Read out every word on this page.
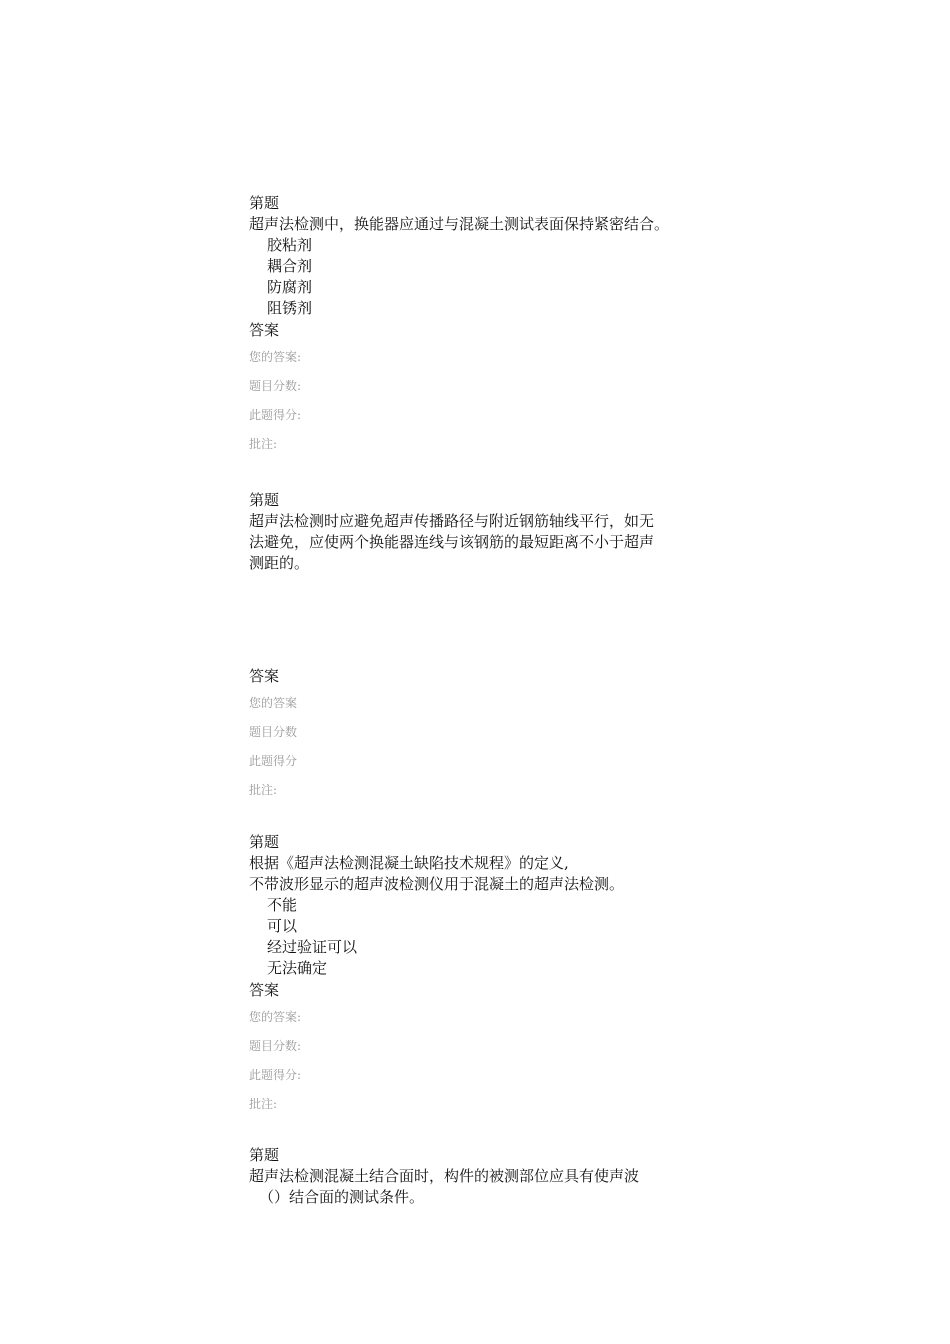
第题
超声法检测中，换能器应通过与混凝土测试表面保持紧密结合。
胶粘剂
耦合剂
防腐剂
阻锈剂
答案
您的答案:
题目分数:
此题得分:
批注:
第题
超声法检测时应避免超声传播路径与附近钢筋轴线平行，如无
法避免，应使两个换能器连线与该钢筋的最短距离不小于超声
测距的。
答案
您的答案
题目分数
此题得分
批注:
第题
根据《超声法检测混凝土缺陷技术规程》的定义,
不带波形显示的超声波检测仪用于混凝土的超声法检测。
不能
可以
经过验证可以
无法确定
答案
您的答案:
题目分数:
此题得分:
批注:
第题
超声法检测混凝土结合面时，构件的被测部位应具有使声波
（）结合面的测试条件。
